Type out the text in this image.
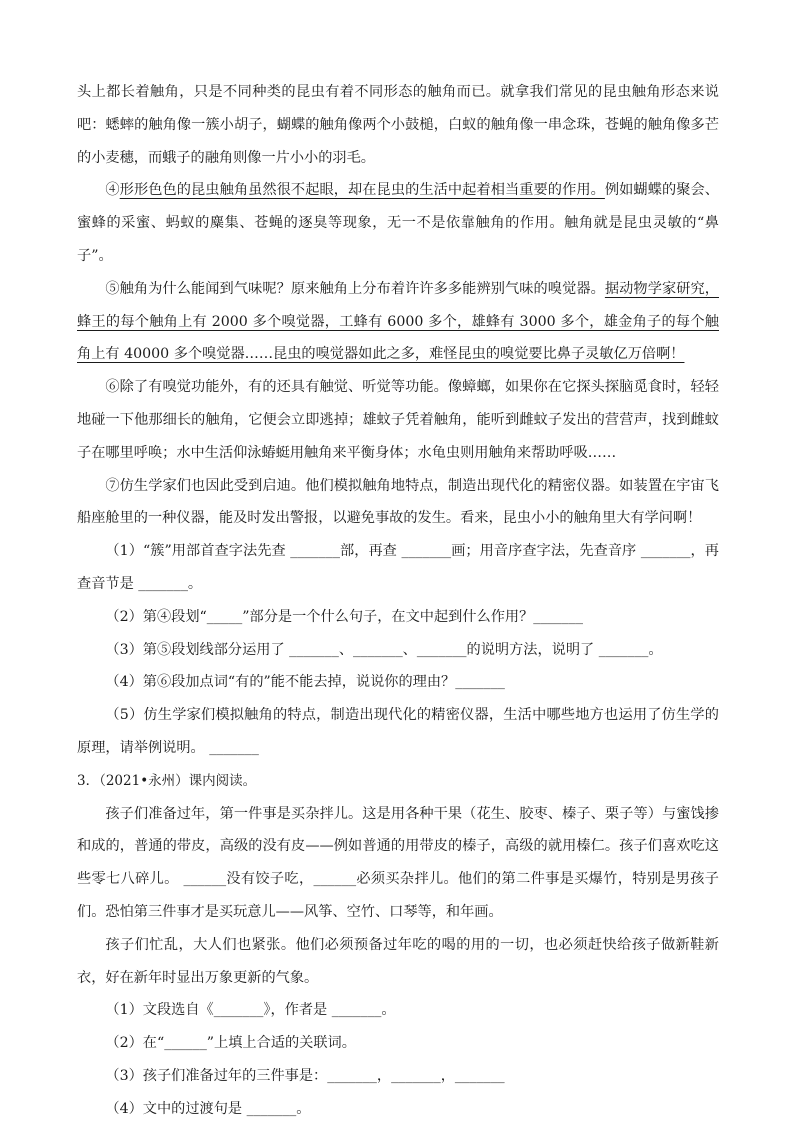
头上都长着触角，只是不同种类的昆虫有着不同形态的触角而已。就拿我们常见的昆虫触角形态来说吧：蟋蟀的触角像一簇小胡子，蝴蝶的触角像两个小鼓槌，白蚁的触角像一串念珠，苍蝇的触角像多芒的小麦穗，而蛾子的融角则像一片小小的羽毛。

④形形色色的昆虫触角虽然很不起眼，却在昆虫的生活中起着相当重要的作用。例如蝴蝶的聚会、蜜蜂的采蜜、蚂蚁的麋集、苍蝇的逐臭等现象，无一不是依靠触角的作用。触角就是昆虫灵敏的“鼻子”。

⑤触角为什么能闻到气味呢？原来触角上分布着许许多多能辨别气味的嗅觉器。据动物学家研究，蜂王的每个触角上有 2000 多个嗅觉器，工蜂有 6000 多个，雄蜂有 3000 多个，雄金角子的每个触角上有 40000 多个嗅觉器……昆虫的嗅觉器如此之多，难怪昆虫的嗅觉要比鼻子灵敏亿万倍啊！

⑥除了有嗅觉功能外，有的还具有触觉、听觉等功能。像蟑螂，如果你在它探头探脑觅食时，轻轻地碰一下他那细长的触角，它便会立即逃掉；雄蚊子凭着触角，能听到雌蚊子发出的营营声，找到雌蚊子在哪里呼唤；水中生活仰泳蝽蜓用触角来平衡身体；水龟虫则用触角来帮助呼吸……

⑦仿生学家们也因此受到启迪。他们模拟触角地特点，制造出现代化的精密仪器。如装置在宇宙飞船座舱里的一种仪器，能及时发出警报，以避免事故的发生。看来，昆虫小小的触角里大有学问啊！

（1）“簇”用部首查字法先查 _______部，再查 _______画；用音序查字法，先查音序 _______，再查音节是 _______。

（2）第④段划“_____”部分是一个什么句子，在文中起到什么作用？_______

（3）第⑤段划线部分运用了 _______、_______、_______的说明方法，说明了 _______。

（4）第⑥段加点词“有的”能不能去掉，说说你的理由？_______

（5）仿生学家们模拟触角的特点，制造出现代化的精密仪器，生活中哪些地方也运用了仿生学的原理，请举例说明。 _______

3．（2021•永州）课内阅读。

孩子们准备过年，第一件事是买杂拌儿。这是用各种干果（花生、胶枣、榛子、栗子等）与蜜饯掺和成的，普通的带皮，高级的没有皮——例如普通的用带皮的榛子，高级的就用榛仁。孩子们喜欢吃这些零七八碎儿。 ______没有饺子吃，______必须买杂拌儿。他们的第二件事是买爆竹，特别是男孩子们。恐怕第三件事才是买玩意儿——风筝、空竹、口琴等，和年画。

孩子们忙乱，大人们也紧张。他们必须预备过年吃的喝的用的一切，也必须赶快给孩子做新鞋新衣，好在新年时显出万象更新的气象。

（1）文段选自《_______》，作者是 _______。

（2）在“______”上填上合适的关联词。

（3）孩子们准备过年的三件事是：_______，_______，_______

（4）文中的过渡句是 _______。
